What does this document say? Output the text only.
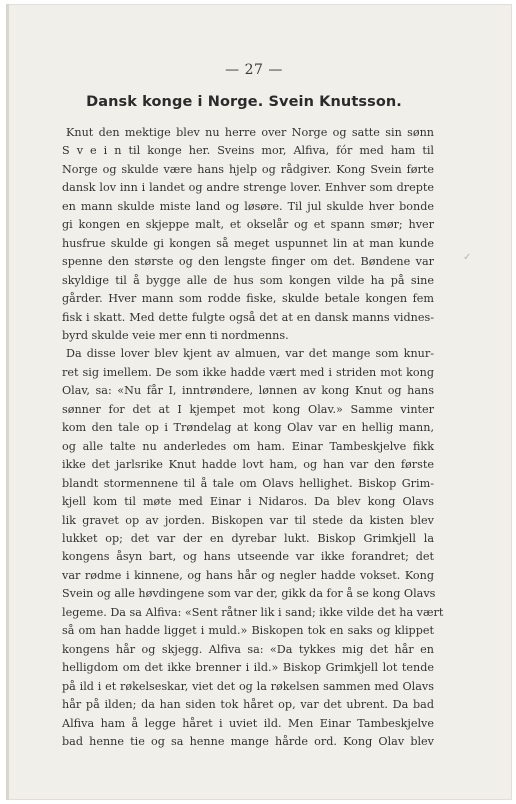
— 27 —
Dansk konge i Norge. Svein Knutsson.
Knut den mektige blev nu herre over Norge og satte sin sønn
S v e i n til konge her. Sveins mor, Alfiva, fór med ham til
Norge og skulde være hans hjelp og rådgiver. Kong Svein førte
dansk lov inn i landet og andre strenge lover. Enhver som drepte
en mann skulde miste land og løsøre. Til jul skulde hver bonde
gi kongen en skjeppe malt, et okselår og et spann smør; hver
husfrue skulde gi kongen så meget uspunnet lin at man kunde
spenne den største og den lengste finger om det. Bøndene var
skyldige til å bygge alle de hus som kongen vilde ha på sine
gårder. Hver mann som rodde fiske, skulde betale kongen fem
fisk i skatt. Med dette fulgte også det at en dansk manns vidnes-
byrd skulde veie mer enn ti nordmenns.
Da disse lover blev kjent av almuen, var det mange som knur-
ret sig imellem. De som ikke hadde vært med i striden mot kong
Olav, sa: «Nu får I, inntrøndere, lønnen av kong Knut og hans
sønner for det at I kjempet mot kong Olav.» Samme vinter
kom den tale op i Trøndelag at kong Olav var en hellig mann,
og alle talte nu anderledes om ham. Einar Tambeskjelve fikk
ikke det jarlsrike Knut hadde lovt ham, og han var den første
blandt stormennene til å tale om Olavs hellighet. Biskop Grim-
kjell kom til møte med Einar i Nidaros. Da blev kong Olavs
lik gravet op av jorden. Biskopen var til stede da kisten blev
lukket op; det var der en dyrebar lukt. Biskop Grimkjell la
kongens åsyn bart, og hans utseende var ikke forandret; det
var rødme i kinnene, og hans hår og negler hadde vokset. Kong
Svein og alle høvdingene som var der, gikk da for å se kong Olavs
legeme. Da sa Alfiva: «Sent råtner lik i sand; ikke vilde det ha vært
så om han hadde ligget i muld.» Biskopen tok en saks og klippet
kongens hår og skjegg. Alfiva sa: «Da tykkes mig det hår en
helligdom om det ikke brenner i ild.» Biskop Grimkjell lot tende
på ild i et røkelseskar, viet det og la røkelsen sammen med Olavs
hår på ilden; da han siden tok håret op, var det ubrent. Da bad
Alfiva ham å legge håret i uviet ild. Men Einar Tambeskjelve
bad henne tie og sa henne mange hårde ord. Kong Olav blev
✓
